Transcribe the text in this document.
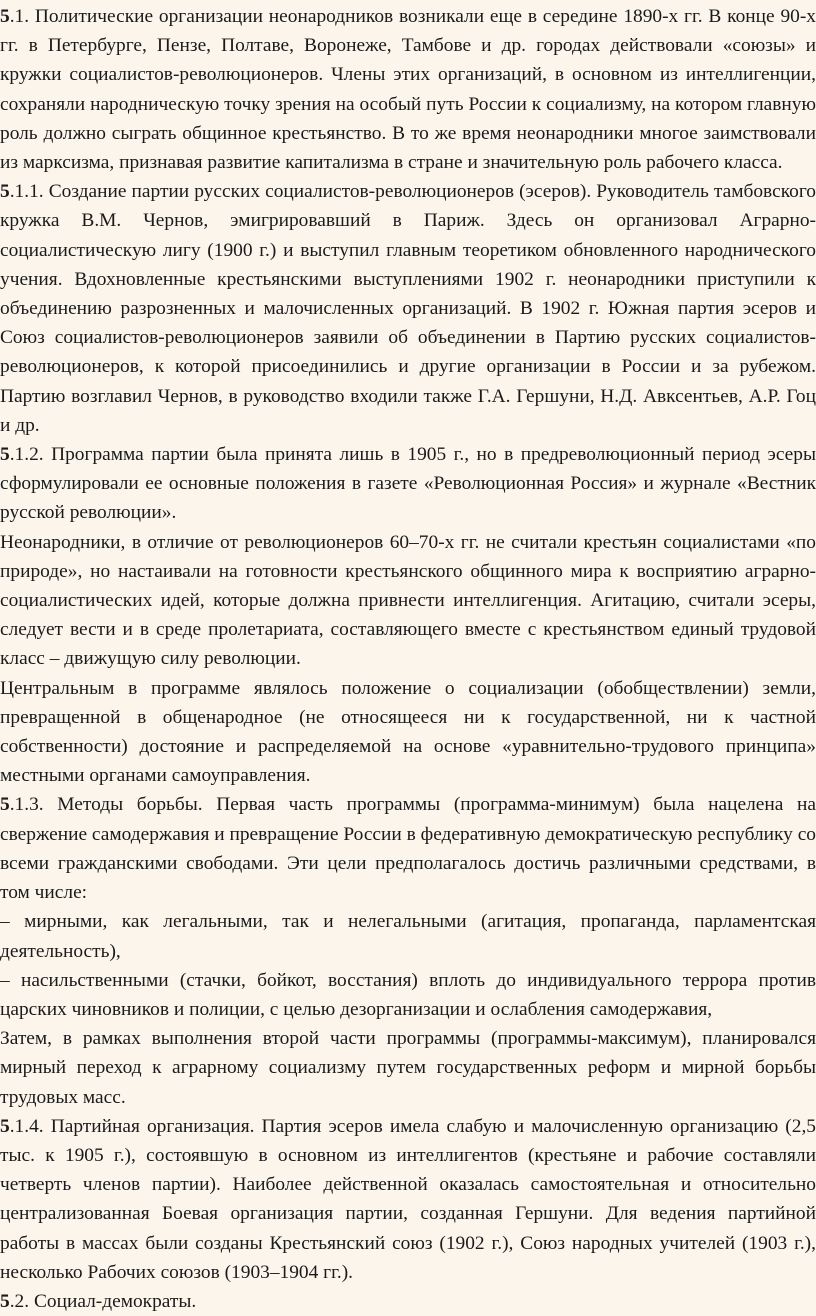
5.1. Политические организации неонародников возникали еще в середине 1890-х гг. В конце 90-х гг. в Петербурге, Пензе, Полтаве, Воронеже, Тамбове и др. городах действовали «союзы» и кружки социалистов-революционеров. Члены этих организаций, в основном из интеллигенции, сохраняли народническую точку зрения на особый путь России к социализму, на котором главную роль должно сыграть общинное крестьянство. В то же время неонародники многое заимствовали из марксизма, признавая развитие капитализма в стране и значительную роль рабочего класса.

5.1.1. Создание партии русских социалистов-революционеров (эсеров). Руководитель тамбовского кружка В.М. Чернов, эмигрировавший в Париж. Здесь он организовал Аграрно-социалистическую лигу (1900 г.) и выступил главным теоретиком обновленного народнического учения. Вдохновленные крестьянскими выступлениями 1902 г. неонародники приступили к объединению разрозненных и малочисленных организаций. В 1902 г. Южная партия эсеров и Союз социалистов-революционеров заявили об объединении в Партию русских социалистов-революционеров, к которой присоединились и другие организации в России и за рубежом. Партию возглавил Чернов, в руководство входили также Г.А. Гершуни, Н.Д. Авксентьев, А.Р. Гоц и др.

5.1.2. Программа партии была принята лишь в 1905 г., но в предреволюционный период эсеры сформулировали ее основные положения в газете «Революционная Россия» и журнале «Вестник русской революции».

Неонародники, в отличие от революционеров 60–70-х гг. не считали крестьян социалистами «по природе», но настаивали на готовности крестьянского общинного мира к восприятию аграрно-социалистических идей, которые должна привнести интеллигенция. Агитацию, считали эсеры, следует вести и в среде пролетариата, составляющего вместе с крестьянством единый трудовой класс – движущую силу революции.

Центральным в программе являлось положение о социализации (обобществлении) земли, превращенной в общенародное (не относящееся ни к государственной, ни к частной собственности) достояние и распределяемой на основе «уравнительно-трудового принципа» местными органами самоуправления.

5.1.3. Методы борьбы. Первая часть программы (программа-минимум) была нацелена на свержение самодержавия и превращение России в федеративную демократическую республику со всеми гражданскими свободами. Эти цели предполагалось достичь различными средствами, в том числе:

– мирными, как легальными, так и нелегальными (агитация, пропаганда, парламентская деятельность),

– насильственными (стачки, бойкот, восстания) вплоть до индивидуального террора против царских чиновников и полиции, с целью дезорганизации и ослабления самодержавия,

Затем, в рамках выполнения второй части программы (программы-максимум), планировался мирный переход к аграрному социализму путем государственных реформ и мирной борьбы трудовых масс.

5.1.4. Партийная организация. Партия эсеров имела слабую и малочисленную организацию (2,5 тыс. к 1905 г.), состоявшую в основном из интеллигентов (крестьяне и рабочие составляли четверть членов партии). Наиболее действенной оказалась самостоятельная и относительно централизованная Боевая организация партии, созданная Гершуни. Для ведения партийной работы в массах были созданы Крестьянский союз (1902 г.), Союз народных учителей (1903 г.), несколько Рабочих союзов (1903–1904 гг.).

5.2. Социал-демократы.
